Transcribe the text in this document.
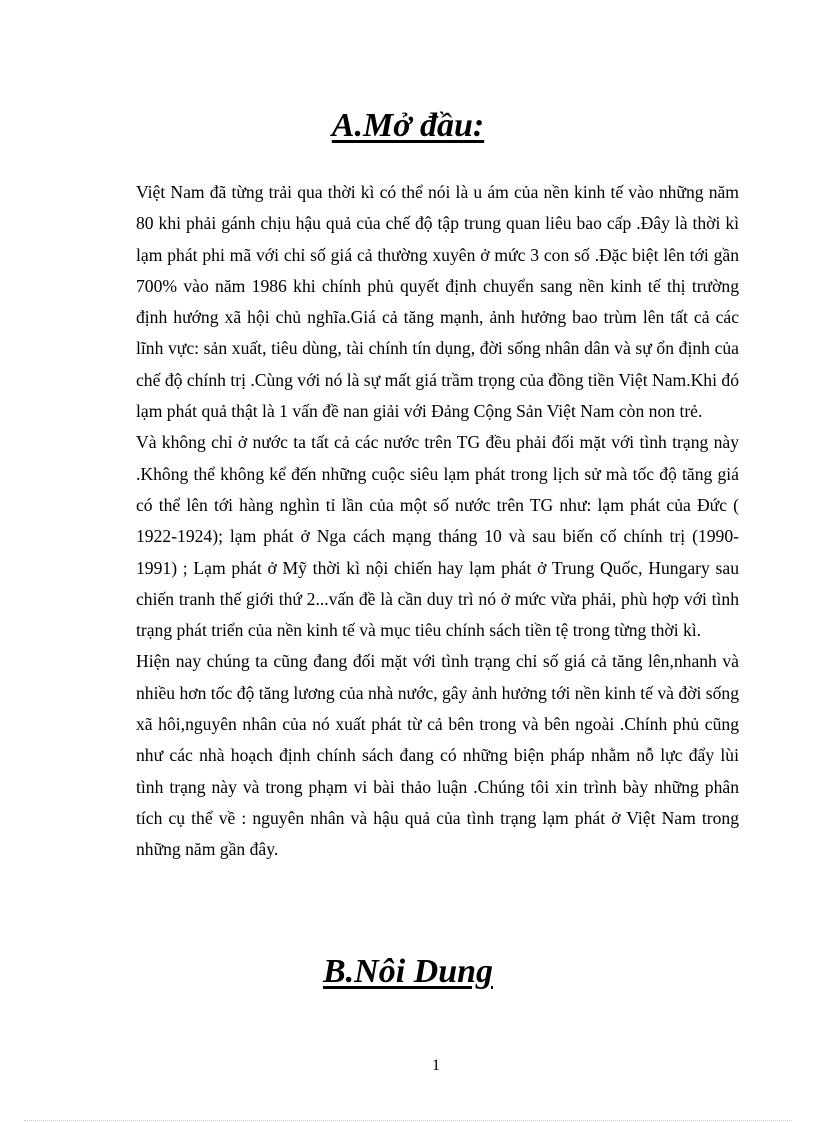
A.Mở đầu:

Việt Nam đã từng trải qua thời kì có thể nói là u ám của nền kinh tế vào những năm 80 khi phải gánh chịu hậu quả của chế độ tập trung quan liêu bao cấp .Đây là thời kì lạm phát phi mã với chỉ số giá cả thường xuyên ở mức 3 con số .Đặc biệt lên tới gần 700% vào năm 1986 khi chính phủ quyết định chuyển sang nền kinh tế thị trường định hướng xã hội chủ nghĩa.Giá cả tăng mạnh, ảnh hưởng bao trùm lên tất cả các lĩnh vực: sản xuất, tiêu dùng, tài chính tín dụng, đời sống nhân dân và sự ổn định của chế độ chính trị .Cùng với nó là sự mất giá trầm trọng của đồng tiền Việt Nam.Khi đó lạm phát quả thật là 1 vấn đề nan giải với Đảng Cộng Sản Việt Nam còn non trẻ.

Và không chỉ ở nước ta tất cả các nước trên TG đều phải đối mặt với tình trạng này .Không thể không kể đến những cuộc siêu lạm phát trong lịch sử mà tốc độ tăng giá có thể lên tới hàng nghìn tỉ lần của một số nước trên TG như: lạm phát của Đức ( 1922-1924); lạm phát ở Nga cách mạng tháng 10 và sau biến cố chính trị (1990-1991) ; Lạm phát ở Mỹ thời kì nội chiến hay lạm phát ở Trung Quốc, Hungary sau chiến tranh thế giới thứ 2...vấn đề là cần duy trì nó ở mức vừa phải, phù hợp với tình trạng phát triển của nền kinh tế và mục tiêu chính sách tiền tệ trong từng thời kì.

Hiện nay chúng ta cũng đang đối mặt với tình trạng chỉ số giá cả tăng lên,nhanh và nhiều hơn tốc độ tăng lương của nhà nước, gây ảnh hưởng tới nền kinh tế và đời sống xã hôi,nguyên nhân của nó xuất phát từ cả bên trong và bên ngoài .Chính phủ cũng như các nhà hoạch định chính sách đang có những biện pháp nhằm nỗ lực đẩy lùi tình trạng này và trong phạm vi bài thảo luận .Chúng tôi xin trình bày những phân tích cụ thể về : nguyên nhân và hậu quả của tình trạng lạm phát ở Việt Nam trong những năm gần đây.

B.Nôi Dung
1
